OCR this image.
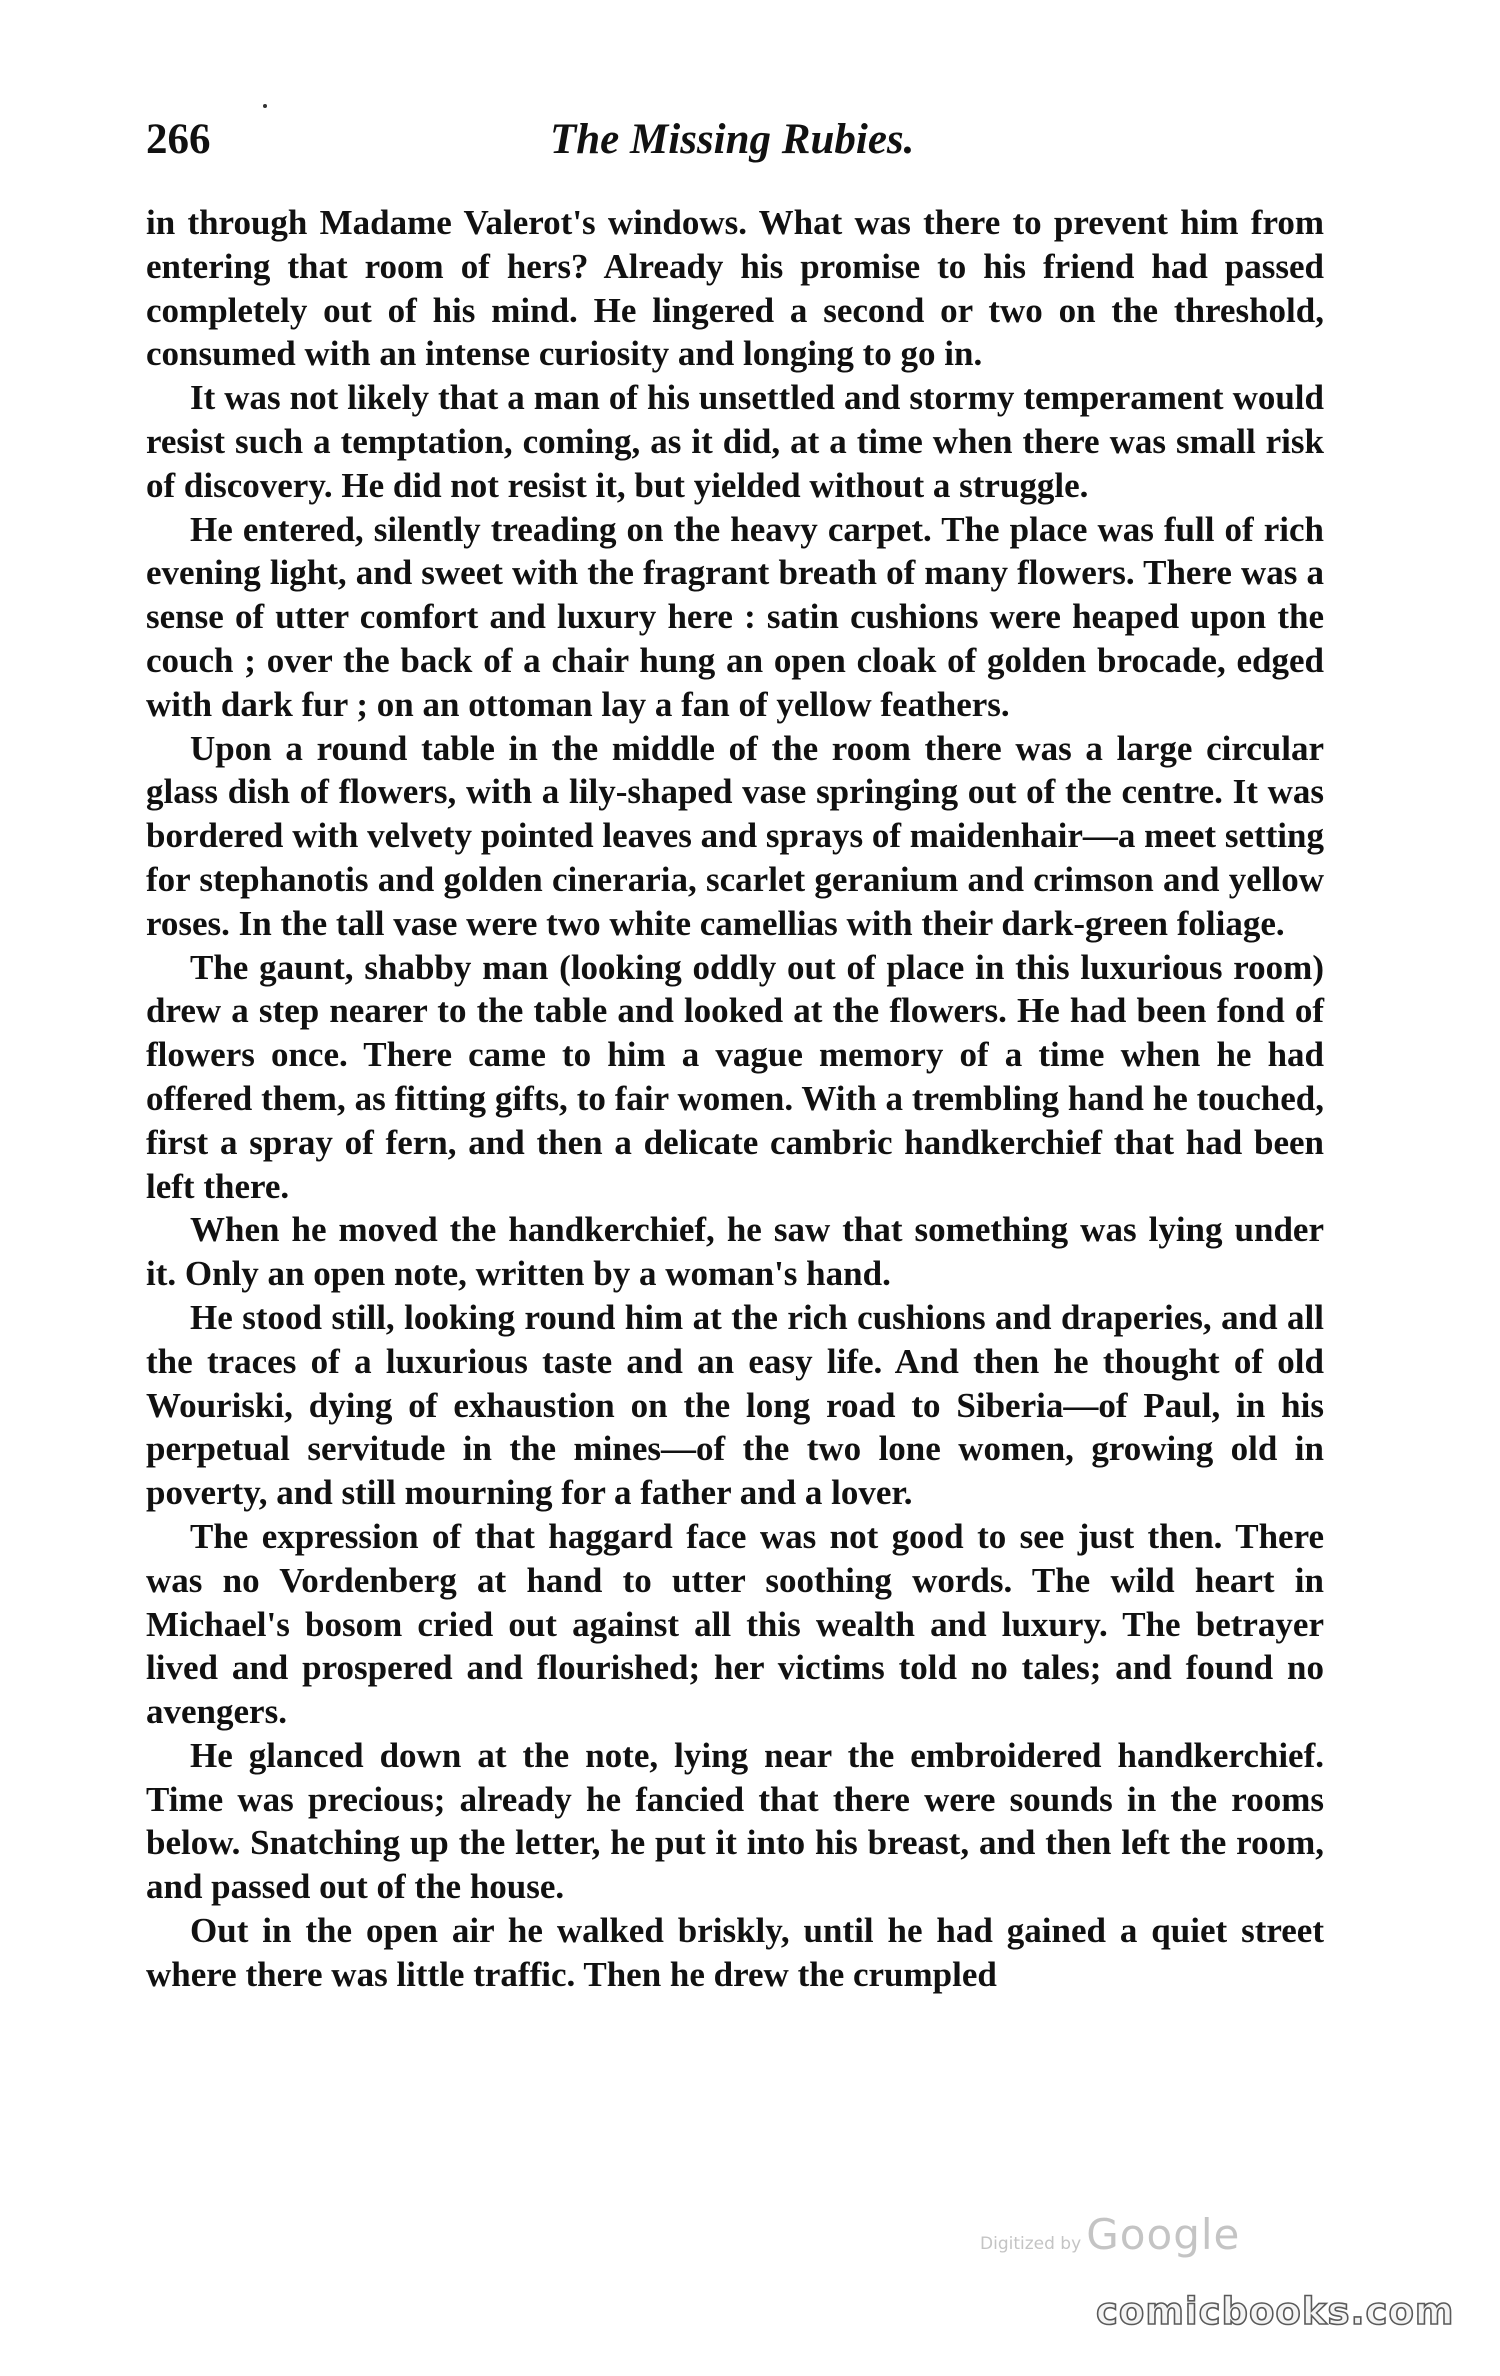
266	The Missing Rubies.

in through Madame Valerot's windows. What was there to prevent him from entering that room of hers? Already his promise to his friend had passed completely out of his mind. He lingered a second or two on the threshold, consumed with an intense curiosity and longing to go in.

It was not likely that a man of his unsettled and stormy temperament would resist such a temptation, coming, as it did, at a time when there was small risk of discovery. He did not resist it, but yielded without a struggle.

He entered, silently treading on the heavy carpet. The place was full of rich evening light, and sweet with the fragrant breath of many flowers. There was a sense of utter comfort and luxury here : satin cushions were heaped upon the couch ; over the back of a chair hung an open cloak of golden brocade, edged with dark fur ; on an ottoman lay a fan of yellow feathers.

Upon a round table in the middle of the room there was a large circular glass dish of flowers, with a lily-shaped vase springing out of the centre. It was bordered with velvety pointed leaves and sprays of maidenhair—a meet setting for stephanotis and golden cineraria, scarlet geranium and crimson and yellow roses. In the tall vase were two white camellias with their dark-green foliage.

The gaunt, shabby man (looking oddly out of place in this luxurious room) drew a step nearer to the table and looked at the flowers. He had been fond of flowers once. There came to him a vague memory of a time when he had offered them, as fitting gifts, to fair women. With a trembling hand he touched, first a spray of fern, and then a delicate cambric handkerchief that had been left there.

When he moved the handkerchief, he saw that something was lying under it. Only an open note, written by a woman's hand.

He stood still, looking round him at the rich cushions and draperies, and all the traces of a luxurious taste and an easy life. And then he thought of old Wouriski, dying of exhaustion on the long road to Siberia—of Paul, in his perpetual servitude in the mines—of the two lone women, growing old in poverty, and still mourning for a father and a lover.

The expression of that haggard face was not good to see just then. There was no Vordenberg at hand to utter soothing words. The wild heart in Michael's bosom cried out against all this wealth and luxury. The betrayer lived and prospered and flourished; her victims told no tales; and found no avengers.

He glanced down at the note, lying near the embroidered handkerchief. Time was precious; already he fancied that there were sounds in the rooms below. Snatching up the letter, he put it into his breast, and then left the room, and passed out of the house.

Out in the open air he walked briskly, until he had gained a quiet street where there was little traffic. Then he drew the crumpled

Digitized by Google
comicbooks.com
